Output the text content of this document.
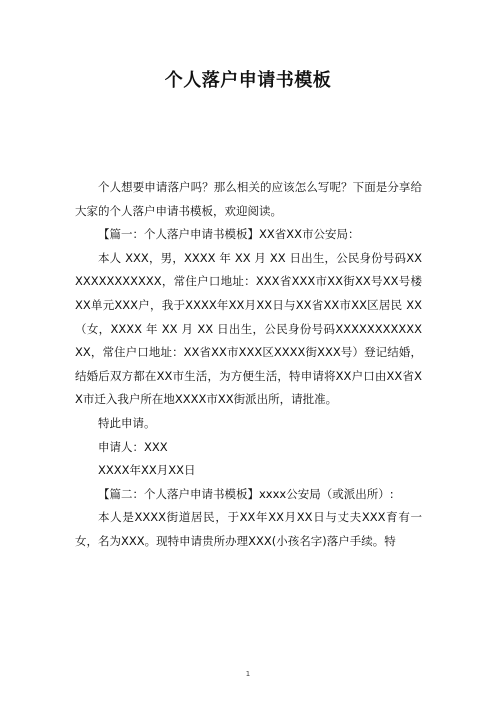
个人落户申请书模板

个人想要申请落户吗？那么相关的应该怎么写呢？下面是分享给大家的个人落户申请书模板，欢迎阅读。

【篇一：个人落户申请书模板】XX省XX市公安局：

本人 XXX，男，XXXX 年 XX 月 XX 日出生，公民身份号码XXXXXXXXXXXXX，常住户口地址：XXX省XXX市XX街XX号XX号楼XX单元XXX户，我于XXXX年XX月XX日与XX省XX市XX区居民 XX（女，XXXX 年 XX 月 XX 日出生，公民身份号码XXXXXXXXXXXXX，常住户口地址：XX省XX市XXX区XXXX街XXX号）登记结婚，结婚后双方都在XX市生活，为方便生活，特申请将XX户口由XX省XX市迁入我户所在地XXXX市XX街派出所，请批准。

特此申请。

申请人：XXX

XXXX年XX月XX日

【篇二：个人落户申请书模板】xxxx公安局（或派出所）:

本人是XXXX街道居民，于XX年XX月XX日与丈夫XXX育有一女，名为XXX。现特申请贵所办理XXX(小孩名字)落户手续。特

1
